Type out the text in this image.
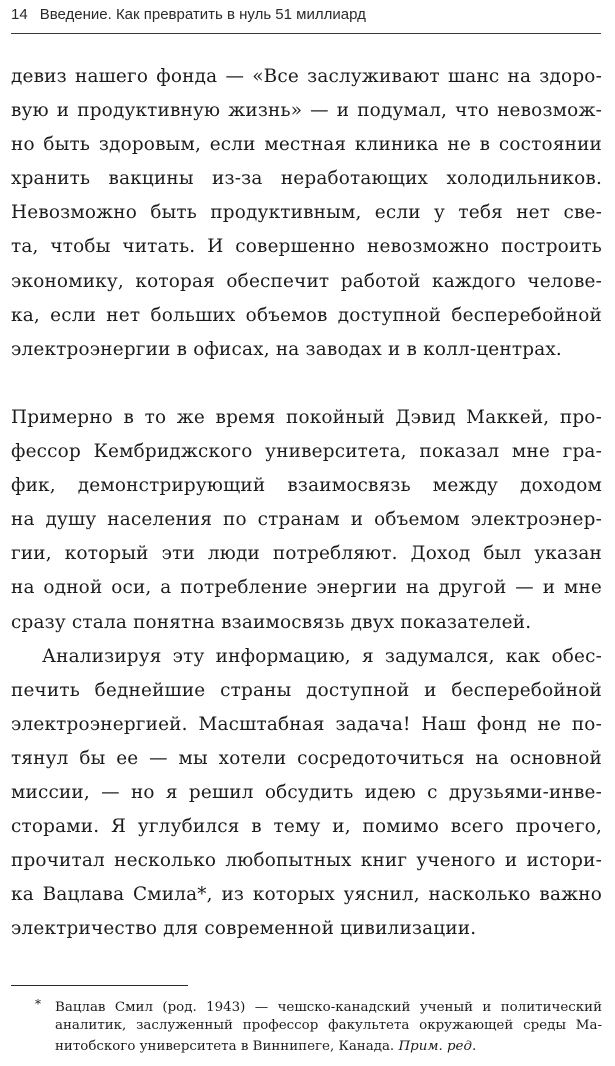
14 Введение. Как превратить в нуль 51 миллиард
девиз нашего фонда — «Все заслуживают шанс на здоро-
вую и продуктивную жизнь» — и подумал, что невозмож-
но быть здоровым, если местная клиника не в состоянии
хранить вакцины из-за неработающих холодильников.
Невозможно быть продуктивным, если у тебя нет све-
та, чтобы читать. И совершенно невозможно построить
экономику, которая обеспечит работой каждого челове-
ка, если нет больших объемов доступной бесперебойной
электроэнергии в офисах, на заводах и в колл-центрах.
Примерно в то же время покойный Дэвид Маккей, про-
фессор Кембриджского университета, показал мне гра-
фик, демонстрирующий взаимосвязь между доходом
на душу населения по странам и объемом электроэнер-
гии, который эти люди потребляют. Доход был указан
на одной оси, а потребление энергии на другой — и мне
сразу стала понятна взаимосвязь двух показателей.
Анализируя эту информацию, я задумался, как обес-
печить беднейшие страны доступной и бесперебойной
электроэнергией. Масштабная задача! Наш фонд не по-
тянул бы ее — мы хотели сосредоточиться на основной
миссии, — но я решил обсудить идею с друзьями-инве-
сторами. Я углубился в тему и, помимо всего прочего,
прочитал несколько любопытных книг ученого и истори-
ка Вацлава Смила*, из которых уяснил, насколько важно
электричество для современной цивилизации.
* Вацлав Смил (род. 1943) — чешско-канадский ученый и политический
аналитик, заслуженный профессор факультета окружающей среды Ма-
нитобского университета в Виннипеге, Канада. Прим. ред.
